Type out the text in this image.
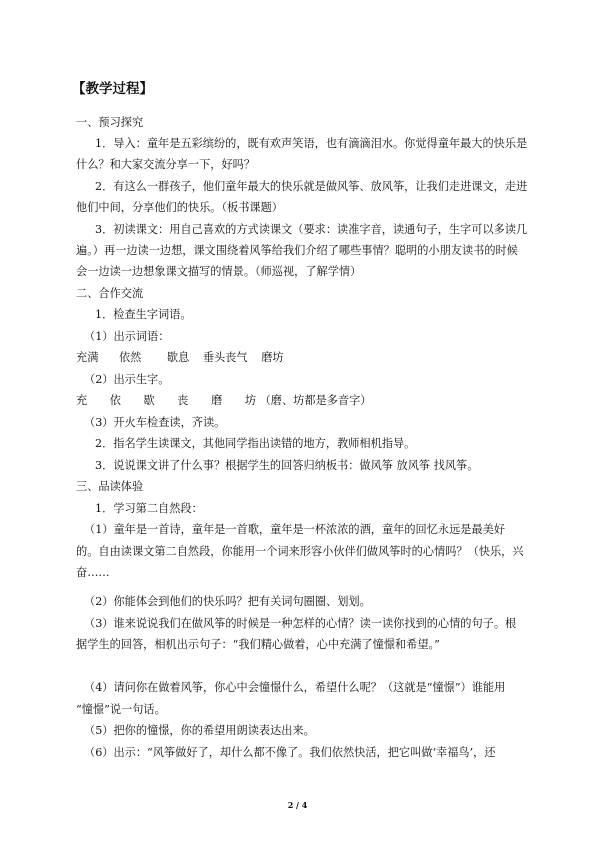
【教学过程】
一、预习探究
1．导入：童年是五彩缤纷的，既有欢声笑语，也有滴滴泪水。你觉得童年最大的快乐是
什么？和大家交流分享一下，好吗？
2．有这么一群孩子，他们童年最大的快乐就是做风筝、放风筝，让我们走进课文，走进
他们中间，分享他们的快乐。（板书课题）
3．初读课文：用自己喜欢的方式读课文（要求：读准字音，读通句子，生字可以多读几
遍。）再一边读一边想，课文围绕着风筝给我们介绍了哪些事情？聪明的小朋友读书的时候
会一边读一边想象课文描写的情景。（师巡视，了解学情）
二、合作交流
1．检查生字词语。
（1）出示词语：
充满 依然 歇息 垂头丧气 磨坊
（2）出示生字。
充 依 歇 丧 磨 坊 （磨、坊都是多音字）
（3）开火车检查读，齐读。
2．指名学生读课文，其他同学指出读错的地方，教师相机指导。
3．说说课文讲了什么事？根据学生的回答归纳板书：做风筝 放风筝 找风筝。
三、品读体验
1．学习第二自然段：
（1）童年是一首诗，童年是一首歌，童年是一杯浓浓的酒，童年的回忆永远是最美好
的。自由读课文第二自然段，你能用一个词来形容小伙伴们做风筝时的心情吗？（快乐，兴
奋……
（2）你能体会到他们的快乐吗？把有关词句圈圈、划划。
（3）谁来说说我们在做风筝的时候是一种怎样的心情？读一读你找到的心情的句子。根
据学生的回答，相机出示句子：“我们精心做着，心中充满了憧憬和希望。”
（4）请问你在做着风筝，你心中会憧憬什么，希望什么呢？（这就是“憧憬”）谁能用
“憧憬”说一句话。
（5）把你的憧憬，你的希望用朗读表达出来。
（6）出示：“风筝做好了，却什么都不像了。我们依然快活，把它叫做‘幸福鸟’，还
2 / 4
